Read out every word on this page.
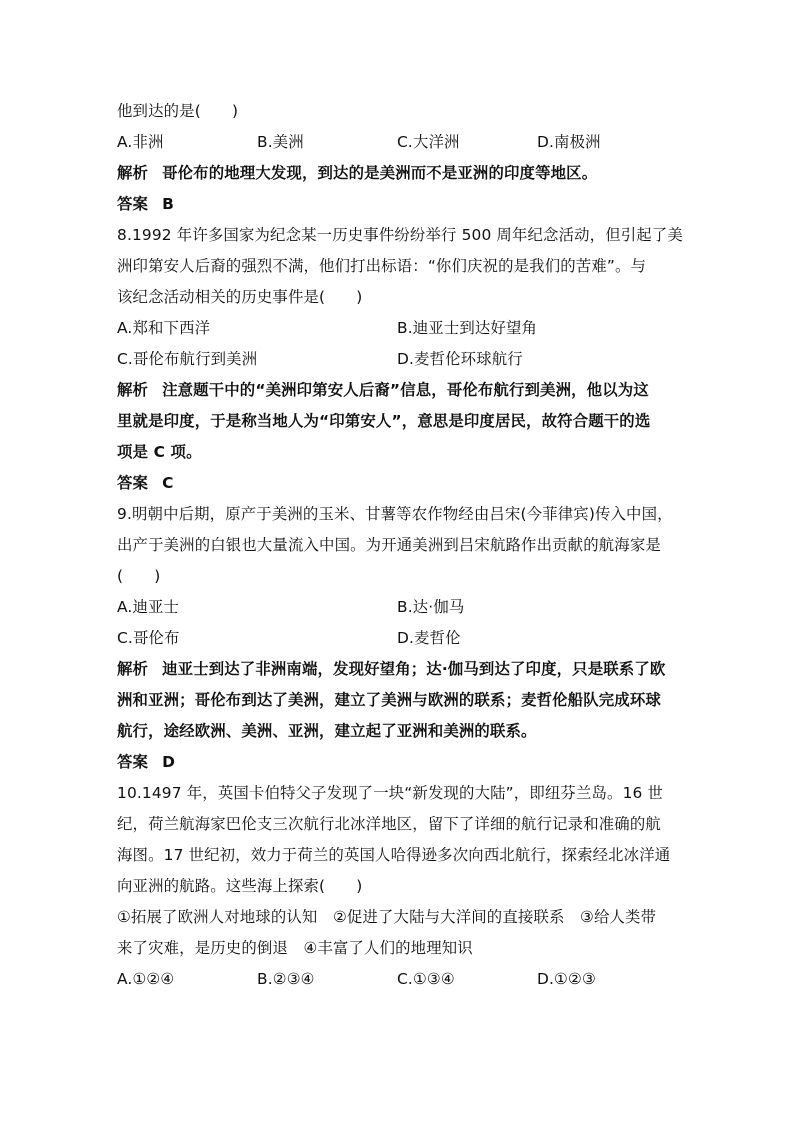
他到达的是(　　)
A.非洲	B.美洲	C.大洋洲	D.南极洲
解析 哥伦布的地理大发现，到达的是美洲而不是亚洲的印度等地区。
答案 B
8.1992 年许多国家为纪念某一历史事件纷纷举行 500 周年纪念活动，但引起了美
洲印第安人后裔的强烈不满，他们打出标语：“你们庆祝的是我们的苦难”。与
该纪念活动相关的历史事件是(　　)
A.郑和下西洋	B.迪亚士到达好望角
C.哥伦布航行到美洲	D.麦哲伦环球航行
解析 注意题干中的“美洲印第安人后裔”信息，哥伦布航行到美洲，他以为这
里就是印度，于是称当地人为“印第安人”，意思是印度居民，故符合题干的选
项是 C 项。
答案 C
9.明朝中后期，原产于美洲的玉米、甘薯等农作物经由吕宋(今菲律宾)传入中国，
出产于美洲的白银也大量流入中国。为开通美洲到吕宋航路作出贡献的航海家是
(　　)
A.迪亚士	B.达·伽马
C.哥伦布	D.麦哲伦
解析 迪亚士到达了非洲南端，发现好望角；达·伽马到达了印度，只是联系了欧
洲和亚洲；哥伦布到达了美洲，建立了美洲与欧洲的联系；麦哲伦船队完成环球
航行，途经欧洲、美洲、亚洲，建立起了亚洲和美洲的联系。
答案 D
10.1497 年，英国卡伯特父子发现了一块“新发现的大陆”，即纽芬兰岛。16 世
纪，荷兰航海家巴伦支三次航行北冰洋地区，留下了详细的航行记录和准确的航
海图。17 世纪初，效力于荷兰的英国人哈得逊多次向西北航行，探索经北冰洋通
向亚洲的航路。这些海上探索(　　)
①拓展了欧洲人对地球的认知　②促进了大陆与大洋间的直接联系　③给人类带
来了灾难，是历史的倒退　④丰富了人们的地理知识
A.①②④	B.②③④	C.①③④	D.①②③
